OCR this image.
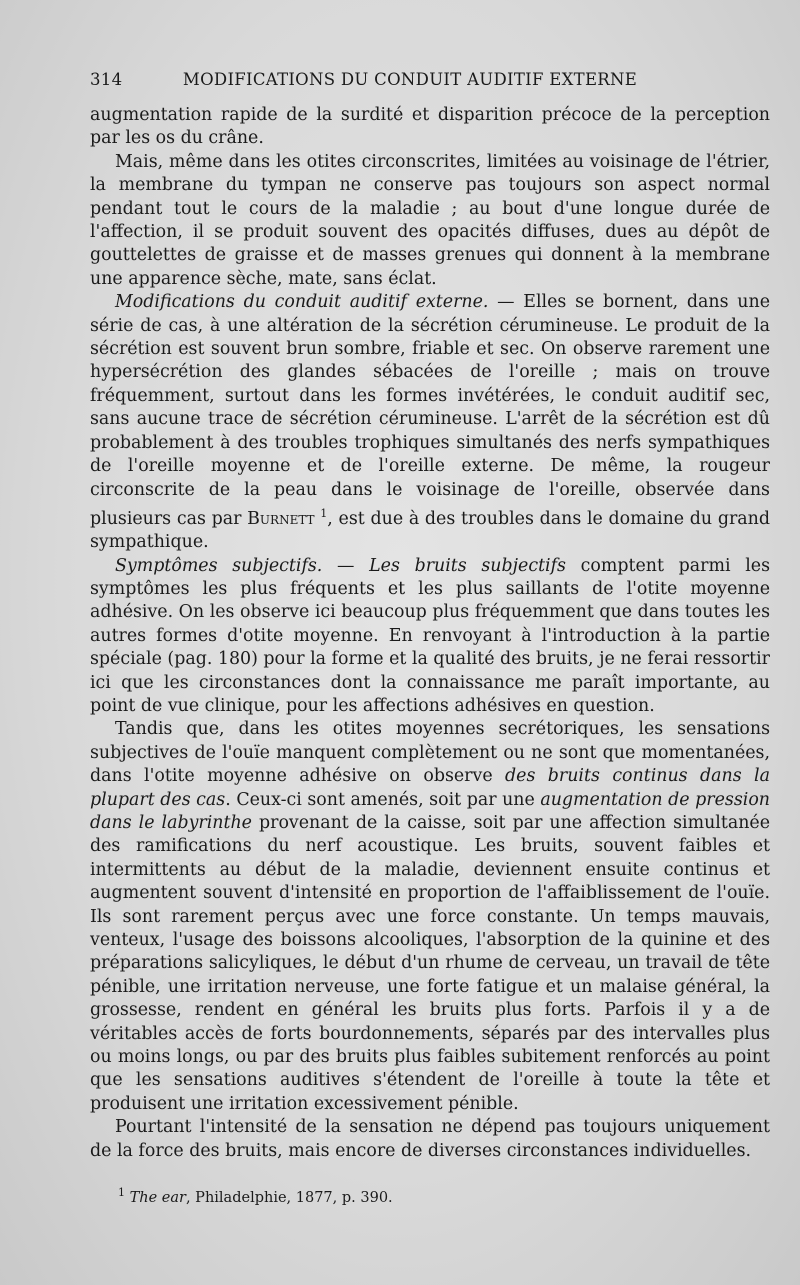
314	MODIFICATIONS DU CONDUIT AUDITIF EXTERNE

augmentation rapide de la surdité et disparition précoce de la perception par les os du crâne.

Mais, même dans les otites circonscrites, limitées au voisinage de l'étrier, la membrane du tympan ne conserve pas toujours son aspect normal pendant tout le cours de la maladie ; au bout d'une longue durée de l'affection, il se produit souvent des opacités diffuses, dues au dépôt de gouttelettes de graisse et de masses grenues qui donnent à la membrane une apparence sèche, mate, sans éclat.

Modifications du conduit auditif externe. — Elles se bornent, dans une série de cas, à une altération de la sécrétion cérumineuse. Le produit de la sécrétion est souvent brun sombre, friable et sec. On observe rarement une hypersécrétion des glandes sébacées de l'oreille ; mais on trouve fréquemment, surtout dans les formes invétérées, le conduit auditif sec, sans aucune trace de sécrétion cérumineuse. L'arrêt de la sécrétion est dû probablement à des troubles trophiques simultanés des nerfs sympathiques de l'oreille moyenne et de l'oreille externe. De même, la rougeur circonscrite de la peau dans le voisinage de l'oreille, observée dans plusieurs cas par Burnett $^1$, est due à des troubles dans le domaine du grand sympathique.

Symptômes subjectifs. — Les bruits subjectifs comptent parmi les symptômes les plus fréquents et les plus saillants de l'otite moyenne adhésive. On les observe ici beaucoup plus fréquemment que dans toutes les autres formes d'otite moyenne. En renvoyant à l'introduction à la partie spéciale (pag. 180) pour la forme et la qualité des bruits, je ne ferai ressortir ici que les circonstances dont la connaissance me paraît importante, au point de vue clinique, pour les affections adhésives en question.

Tandis que, dans les otites moyennes secrétoriques, les sensations subjectives de l'ouïe manquent complètement ou ne sont que momentanées, dans l'otite moyenne adhésive on observe des bruits continus dans la plupart des cas. Ceux-ci sont amenés, soit par une augmentation de pression dans le labyrinthe provenant de la caisse, soit par une affection simultanée des ramifications du nerf acoustique. Les bruits, souvent faibles et intermittents au début de la maladie, deviennent ensuite continus et augmentent souvent d'intensité en proportion de l'affaiblissement de l'ouïe. Ils sont rarement perçus avec une force constante. Un temps mauvais, venteux, l'usage des boissons alcooliques, l'absorption de la quinine et des préparations salicyliques, le début d'un rhume de cerveau, un travail de tête pénible, une irritation nerveuse, une forte fatigue et un malaise général, la grossesse, rendent en général les bruits plus forts. Parfois il y a de véritables accès de forts bourdonnements, séparés par des intervalles plus ou moins longs, ou par des bruits plus faibles subitement renforcés au point que les sensations auditives s'étendent de l'oreille à toute la tête et produisent une irritation excessivement pénible.

Pourtant l'intensité de la sensation ne dépend pas toujours uniquement de la force des bruits, mais encore de diverses circonstances individuelles.

$^1$ The ear, Philadelphie, 1877, p. 390.
